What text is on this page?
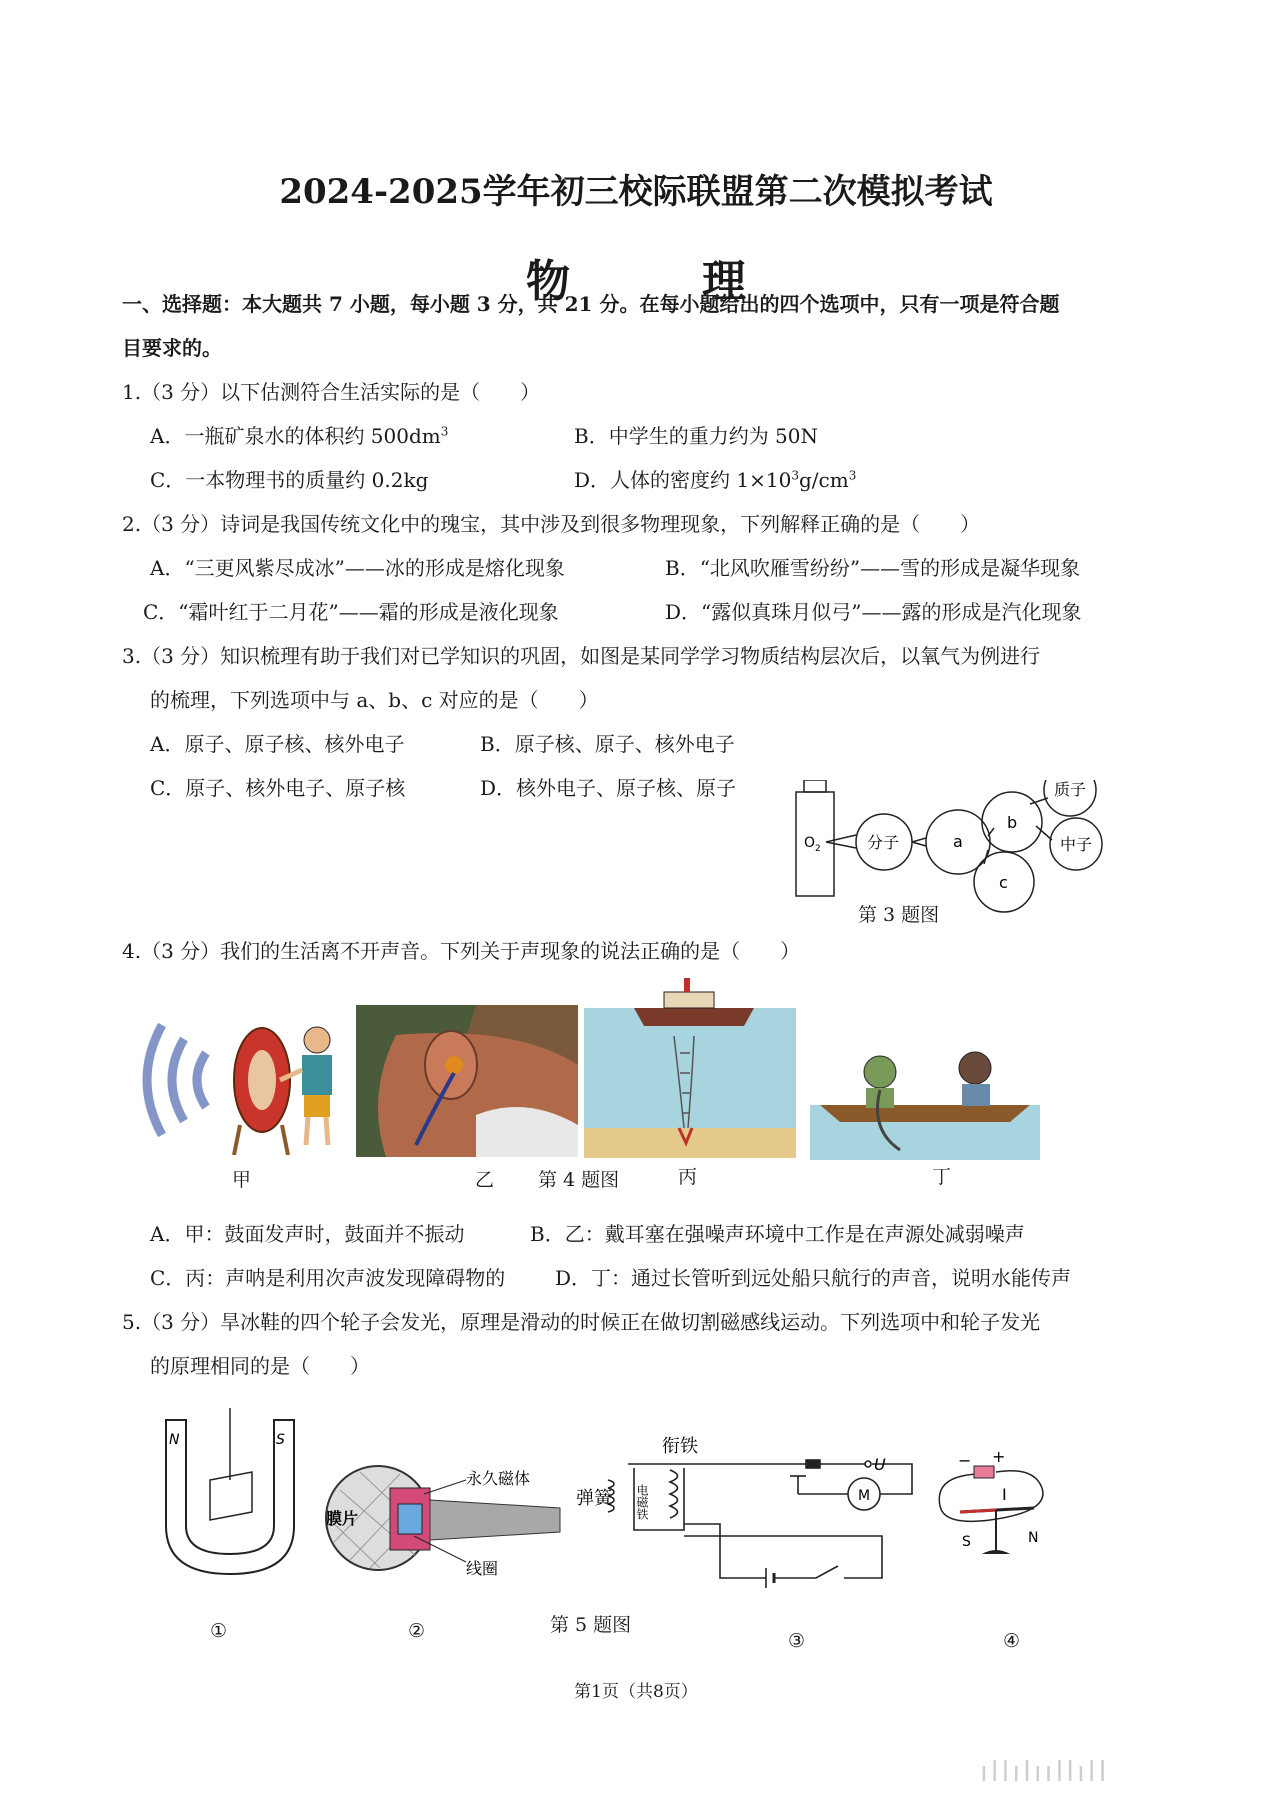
2024-2025学年初三校际联盟第二次模拟考试
物　理
一、选择题：本大题共 7 小题，每小题 3 分，共 21 分。在每小题给出的四个选项中，只有一项是符合题
目要求的。
1.（3 分）以下估测符合生活实际的是（　　）
A．一瓶矿泉水的体积约 $500dm^3$	B．中学生的重力约为 50N
C．一本物理书的质量约 0.2kg	D．人体的密度约 $1\times 10^3g/cm^3$
2.（3 分）诗词是我国传统文化中的瑰宝，其中涉及到很多物理现象，下列解释正确的是（　　）
A．“三更风紫尽成冰”——冰的形成是熔化现象	B．“北风吹雁雪纷纷”——雪的形成是凝华现象
C．“霜叶红于二月花”——霜的形成是液化现象	D．“露似真珠月似弓”——露的形成是汽化现象
3.（3 分）知识梳理有助于我们对已学知识的巩固，如图是某同学学习物质结构层次后，以氧气为例进行
的梳理，下列选项中与 a、b、c 对应的是（　　）
A．原子、原子核、核外电子	B．原子核、原子、核外电子
C．原子、核外电子、原子核	D．核外电子、原子核、原子
$O_2$	分子	a
b
c
质子
中子
第 3 题图
4.（3 分）我们的生活离不开声音。下列关于声现象的说法正确的是（　　）
甲	乙 第 4 题图	丙	丁
A．甲：鼓面发声时，鼓面并不振动	B．乙：戴耳塞在强噪声环境中工作是在声源处减弱噪声
C．丙：声呐是利用次声波发现障碍物的 D．丁：通过长管听到远处船只航行的声音，说明水能传声
5.（3 分）旱冰鞋的四个轮子会发光，原理是滑动的时候正在做切割磁感线运动。下列选项中和轮子发光
的原理相同的是（　　）
N	S
永久磁体
膜片
线圈
衔铁
弹簧 电磁铁
U
M
− +
I
S	N
①	②	第 5 题图
③	④
第1页（共8页）
ıllılııllıll
